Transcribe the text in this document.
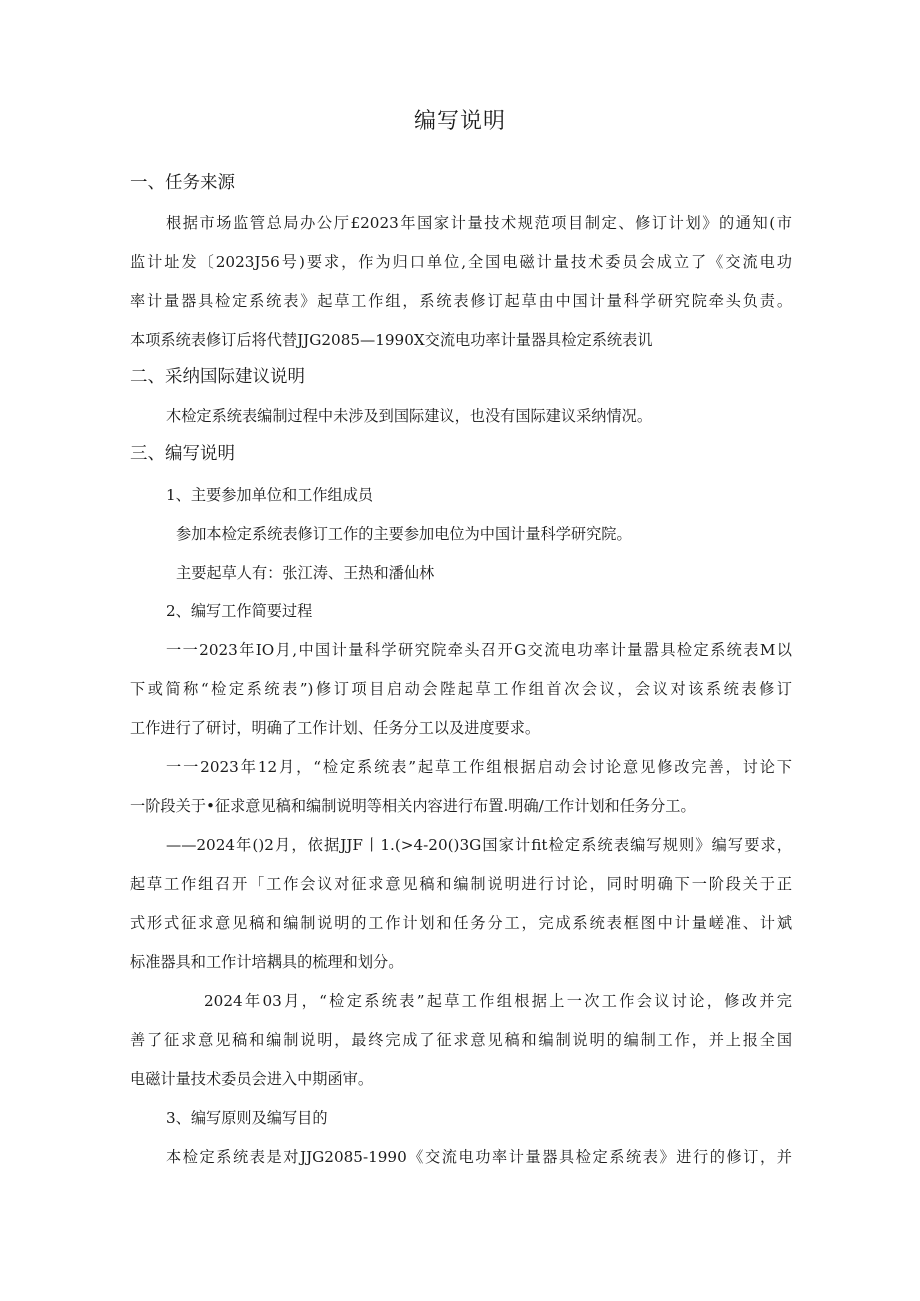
编写说明
一、任务来源
根据市场监管总局办公厅£2023年国家计量技术规范项目制定、修订计划》的通知(市
监计址发〔2023J56号)要求，作为归口单位,全国电磁计量技术委员会成立了《交流电功
率计量器具检定系统表》起草工作组，系统表修订起草由中国计量科学研究院牵头负责。
本项系统表修订后将代替JJG2085—1990X交流电功率计量器具检定系统表讥
二、采纳国际建议说明
木检定系统表编制过程中未涉及到国际建议，也没有国际建议采纳情况。
三、编写说明
1、主要参加单位和工作组成员
参加本检定系统表修订工作的主要参加电位为中国计量科学研究院。
主要起草人有：张江涛、王热和潘仙林
2、编写工作简要过程
一一2023年IO月,中国计量科学研究院牵头召开G交流电功率计量嚣具检定系统表M以
下或简称“检定系统表”)修订项目启动会陛起草工作组首次会议，会议对该系统表修订
工作进行了研讨，明确了工作计划、任务分工以及进度要求。
一一2023年12月，“检定系统表”起草工作组根据启动会讨论意见修改完善，讨论下
一阶段关于•征求意见稿和编制说明等相关内容进行布置.明确/工作计划和任务分工。
——2024年()2月，依据JJF丨1.(>4-20()3G国家计fit检定系统表编写规则》编写要求，
起草工作组召开「工作会议对征求意见稿和编制说明进行讨论，同时明确下一阶段关于正
式形式征求意见稿和编制说明的工作计划和任务分工，完成系统表框图中计量嵯准、计斌
标准器具和工作计培耦具的梳理和划分。
2024年03月，“检定系统表”起草工作组根据上一次工作会议讨论，修改并完
善了征求意见稿和编制说明，最终完成了征求意见稿和编制说明的编制工作，并上报全国
电磁计量技术委员会进入中期函审。
3、编写原则及编写目的
本检定系统表是对JJG2085-1990《交流电功率计量器具检定系统表》进行的修订，并
